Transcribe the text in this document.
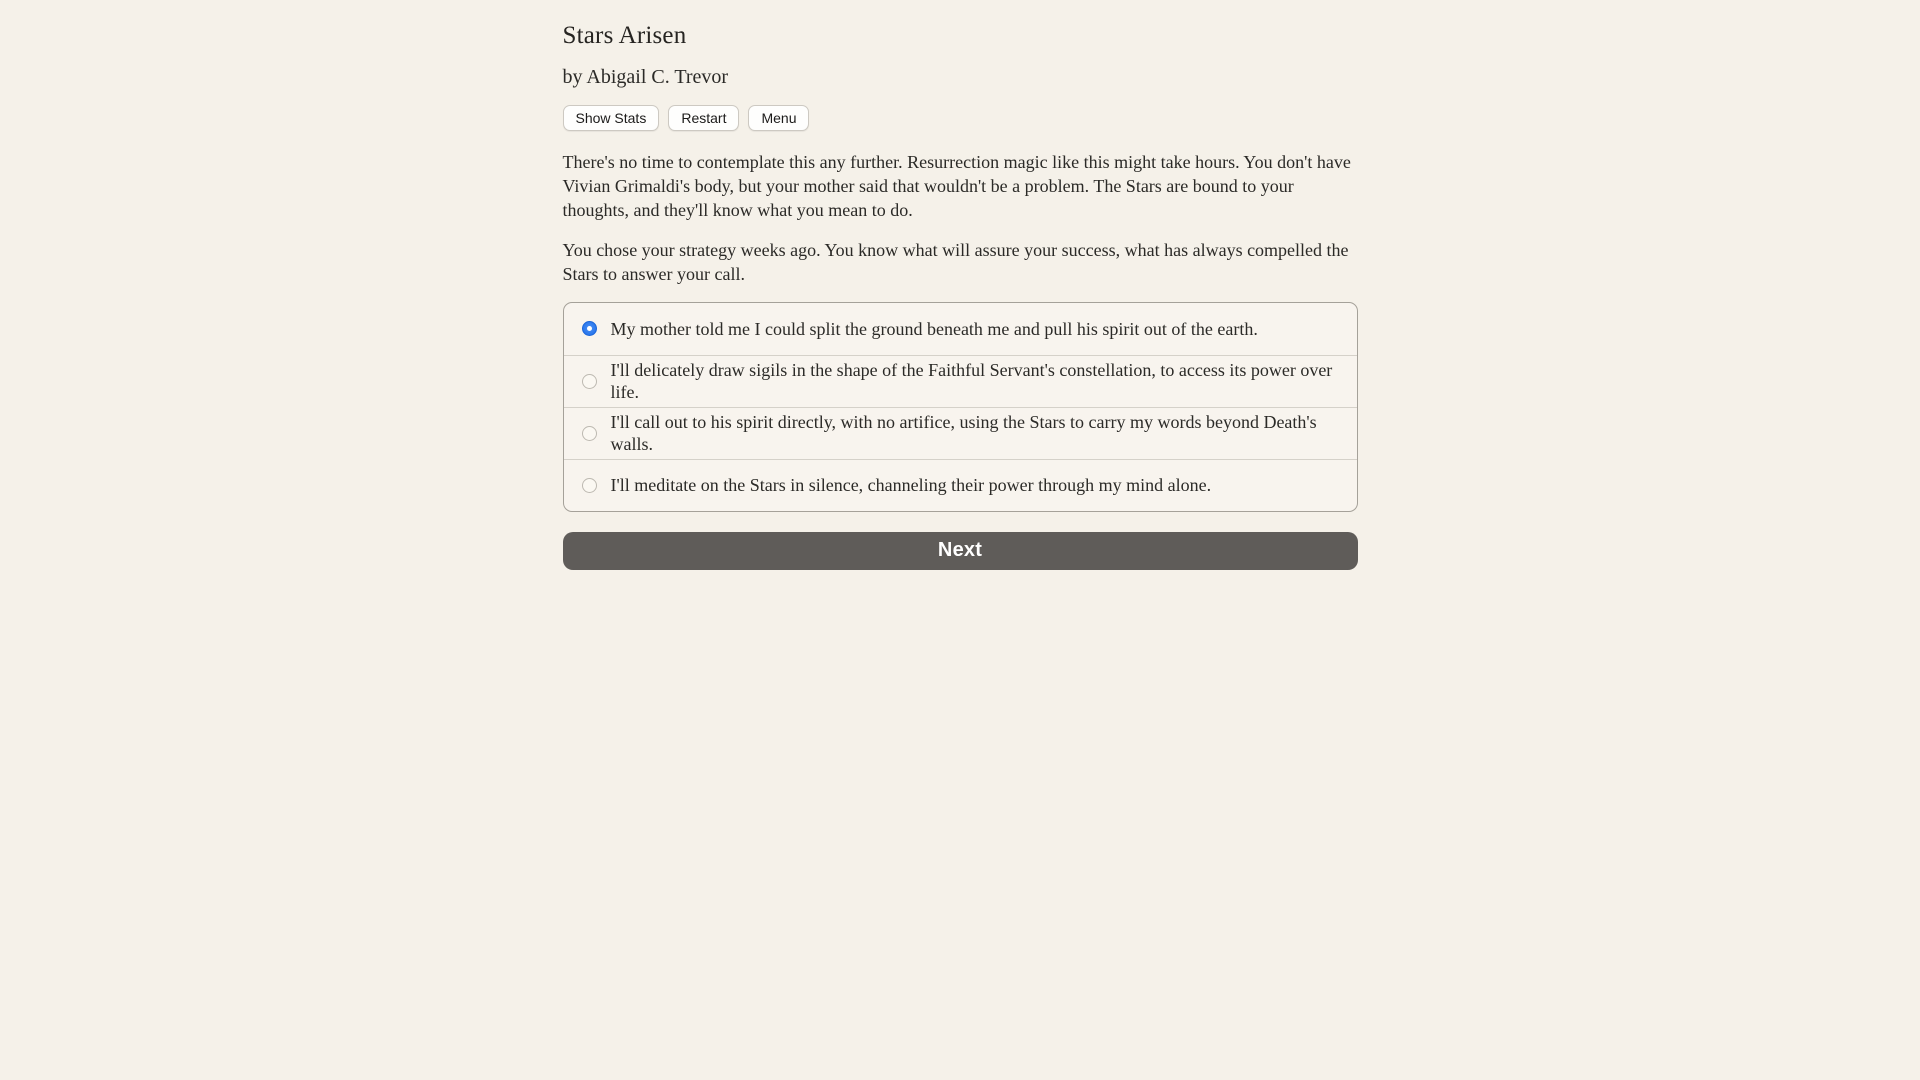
Stars Arisen
by Abigail C. Trevor
Show Stats	Restart	Menu

There's no time to contemplate this any further. Resurrection magic like this might take hours. You don't have Vivian Grimaldi's body, but your mother said that wouldn't be a problem. The Stars are bound to your thoughts, and they'll know what you mean to do.

You chose your strategy weeks ago. You know what will assure your success, what has always compelled the Stars to answer your call.

My mother told me I could split the ground beneath me and pull his spirit out of the earth.
I'll delicately draw sigils in the shape of the Faithful Servant's constellation, to access its power over life.
I'll call out to his spirit directly, with no artifice, using the Stars to carry my words beyond Death's walls.
I'll meditate on the Stars in silence, channeling their power through my mind alone.
Next
